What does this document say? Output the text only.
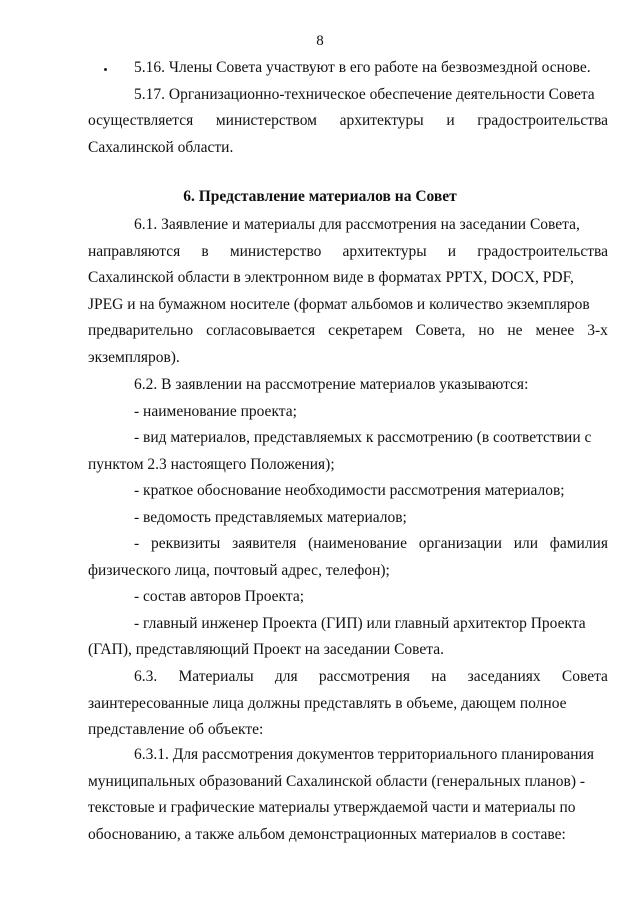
8
5.16. Члены Совета участвуют в его работе на безвозмездной основе.
5.17. Организационно-техническое обеспечение деятельности Совета
осуществляется министерством архитектуры и градостроительства
Сахалинской области.
6. Представление материалов на Совет
6.1. Заявление и материалы для рассмотрения на заседании Совета,
направляются в министерство архитектуры и градостроительства
Сахалинской области в электронном виде в форматах PPTX, DOCX, PDF,
JPEG и на бумажном носителе (формат альбомов и количество экземпляров
предварительно согласовывается секретарем Совета, но не менее 3-х
экземпляров).
6.2. В заявлении на рассмотрение материалов указываются:
- наименование проекта;
- вид материалов, представляемых к рассмотрению (в соответствии с
пунктом 2.3 настоящего Положения);
- краткое обоснование необходимости рассмотрения материалов;
- ведомость представляемых материалов;
- реквизиты заявителя (наименование организации или фамилия
физического лица, почтовый адрес, телефон);
- состав авторов Проекта;
- главный инженер Проекта (ГИП) или главный архитектор Проекта
(ГАП), представляющий Проект на заседании Совета.
6.3. Материалы для рассмотрения на заседаниях Совета
заинтересованные лица должны представлять в объеме, дающем полное
представление об объекте:
6.3.1. Для рассмотрения документов территориального планирования
муниципальных образований Сахалинской области (генеральных планов) -
текстовые и графические материалы утверждаемой части и материалы по
обоснованию, а также альбом демонстрационных материалов в составе:
